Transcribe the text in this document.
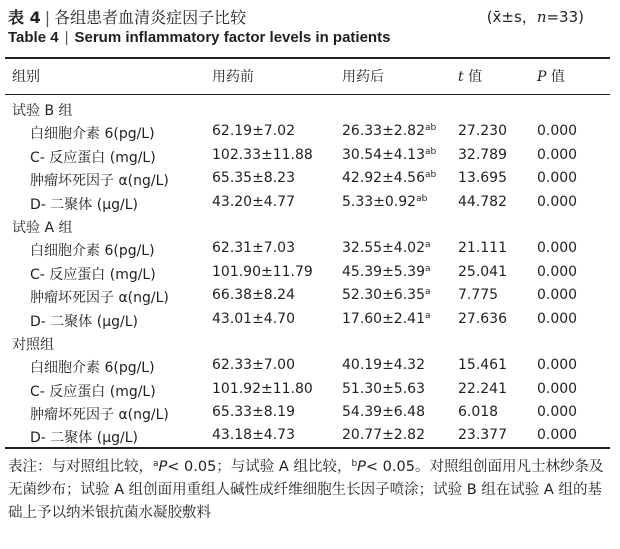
表 4 | 各组患者血清炎症因子比较	(x̄±s，n=33)
Table 4 | Serum inflammatory factor levels in patients
组别	用药前	用药后	t 值	P 值
试验 B 组
白细胞介素 6(pg/L)	62.19±7.02	26.33±2.82$^{ab}$ 27.230 0.000
C- 反应蛋白 (mg/L)	102.33±11.88 30.54±4.13$^{ab}$ 32.789 0.000
肿瘤坏死因子 α(ng/L)	65.35±8.23	42.92±4.56$^{ab}$ 13.695 0.000
D- 二聚体 (μg/L)	43.20±4.77	5.33±0.92$^{ab}$ 44.782 0.000
试验 A 组
白细胞介素 6(pg/L)	62.31±7.03	32.55±4.02$^a$ 21.111 0.000
C- 反应蛋白 (mg/L)	101.90±11.79 45.39±5.39$^a$ 25.041 0.000
肿瘤坏死因子 α(ng/L)	66.38±8.24	52.30±6.35$^a$ 7.775	0.000
D- 二聚体 (μg/L)	43.01±4.70	17.60±2.41$^a$ 27.636 0.000
对照组
白细胞介素 6(pg/L)	62.33±7.00	40.19±4.32 15.461 0.000
C- 反应蛋白 (mg/L)	101.92±11.80 51.30±5.63 22.241 0.000
肿瘤坏死因子 α(ng/L)	65.33±8.19	54.39±6.48 6.018	0.000
D- 二聚体 (μg/L)	43.18±4.73	20.77±2.82 23.377 0.000
表注：与对照组比较，$^a$P< 0.05；与试验 A 组比较，$^b$P< 0.05。对照组创面用凡士林纱条及无菌纱布；试验 A 组创面用重组人碱性成纤维细胞生长因子喷涂；试验 B 组在试验 A 组的基础上予以纳米银抗菌水凝胶敷料
